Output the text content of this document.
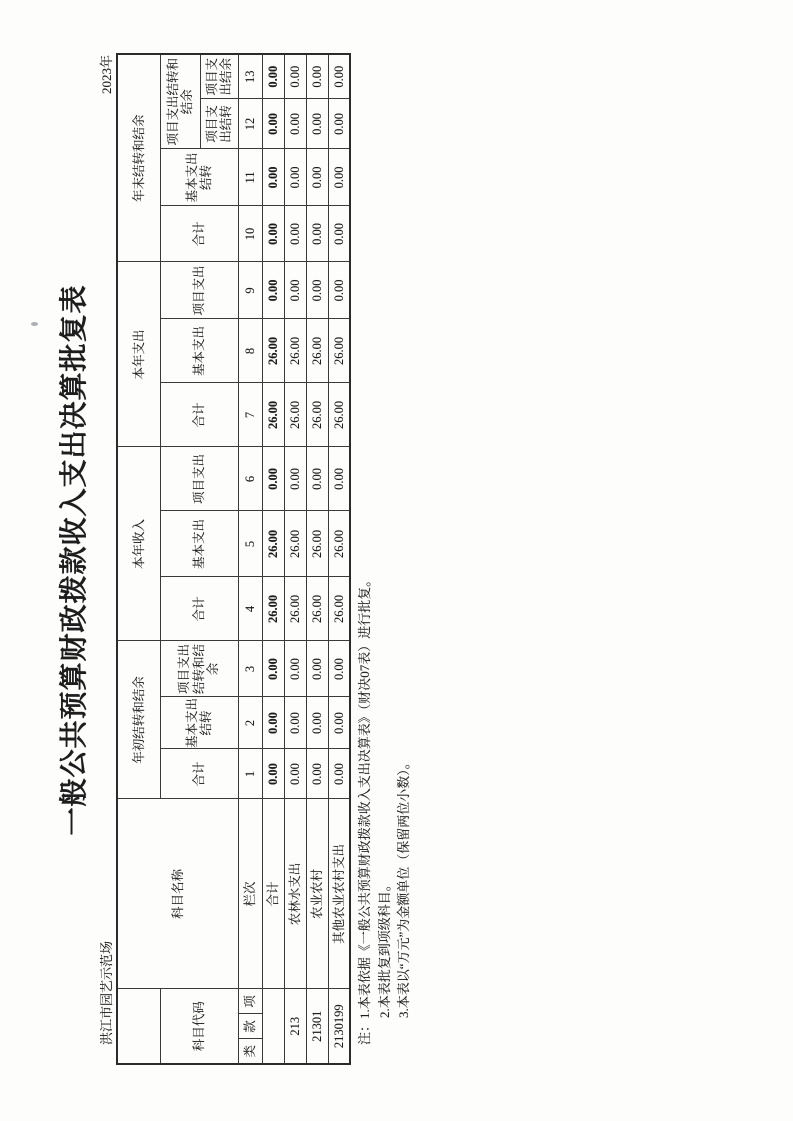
一般公共预算财政拨款收入支出决算批复表
洪江市园艺示范场
2023年
			科目名称	年初结转和结余			本年收入			本年支出			年末结转和结余			
科目代码				合计	基本支出结转	项目支出结转和结余	合计	基本支出	项目支出	合计	基本支出	项目支出	合计	基本支出结转	项目支出结转和结余	
															项目支出结转	项目支出结余
类	款	项	栏次	1	2	3	4	5	6	7	8	9	10	11	12	13
			合计	0.00	0.00	0.00	26.00	26.00	0.00	26.00	26.00	0.00	0.00	0.00	0.00	0.00
213			农林水支出	0.00	0.00	0.00	26.00	26.00	0.00	26.00	26.00	0.00	0.00	0.00	0.00	0.00
21301			农业农村	0.00	0.00	0.00	26.00	26.00	0.00	26.00	26.00	0.00	0.00	0.00	0.00	0.00
2130199			其他农业农村支出	0.00	0.00	0.00	26.00	26.00	0.00	26.00	26.00	0.00	0.00	0.00	0.00	0.00
注：1.本表依据《一般公共预算财政拨款收入支出决算表》（财决07表）进行批复。 2.本表批复到项级科目。 3.本表以“万元”为金额单位（保留两位小数）。
